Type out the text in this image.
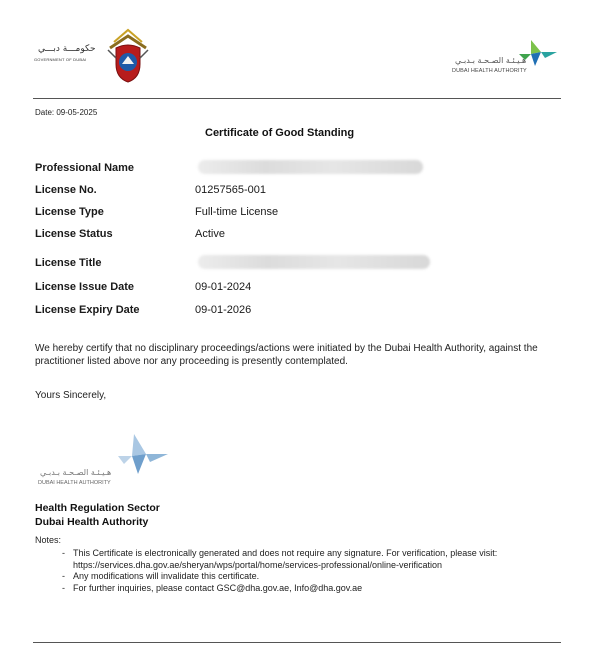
حكومـــة دبـــي
GOVERNMENT OF DUBAI	هـيـئـة الصـحـة بـدبـي
DUBAI HEALTH AUTHORITY
Date: 09-05-2025
Certificate of Good Standing
Professional Name
License No.	01257565-001
License Type	Full-time License
License Status	Active
License Title
License Issue Date	09-01-2024
License Expiry Date	09-01-2026
We hereby certify that no disciplinary proceedings/actions were initiated by the Dubai Health Authority, against the practitioner listed above nor any proceeding is presently contemplated.
Yours Sincerely,
هـيـئـة الصـحـة بـدبـي
DUBAI HEALTH AUTHORITY
Health Regulation Sector
Dubai Health Authority
Notes:
- This Certificate is electronically generated and does not require any signature. For verification, please visit: https://services.dha.gov.ae/sheryan/wps/portal/home/services-professional/online-verification
- Any modifications will invalidate this certificate.
- For further inquiries, please contact GSC@dha.gov.ae, Info@dha.gov.ae
